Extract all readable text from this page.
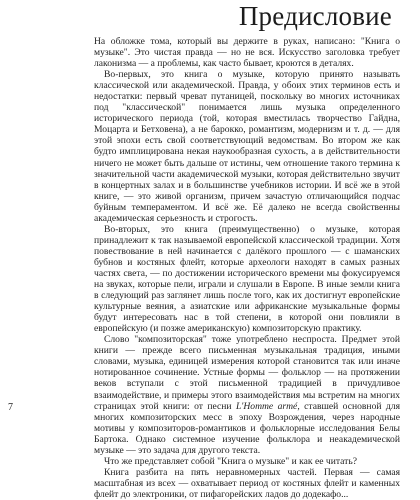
Предисловие

На обложке тома, который вы держите в руках, написано: "Книга о музыке". Это чистая правда — но не вся. Искусство заголовка требует лаконизма — а проблемы, как часто бывает, кроются в деталях.

Во-первых, это книга о музыке, которую принято называть классической или академической. Правда, у обоих этих терминов есть и недостатки: первый чреват путаницей, поскольку во многих источниках под "классической" понимается лишь музыка определенного исторического периода (той, которая вместилась творчество Гайдна, Моцарта и Бетховена), а не барокко, романтизм, модернизм и т. д. — для этой эпохи есть свой соответствующий ведомствам. Во втором же как будто имплицирована некая наукообразная сухость, а в действительности ничего не может быть дальше от истины, чем отношение такого термина к значительной части академической музыки, которая действительно звучит в концертных залах и в большинстве учебников истории. И всё же в этой книге, — это живой организм, причем зачастую отличающийся подчас буйным темпераментом. И всё же. Её далеко не всегда свойственны академическая серьезность и строгость.

Во-вторых, это книга (преимущественно) о музыке, которая принадлежит к так называемой европейской классической традиции. Хотя повествование в ней начинается с далёкого прошлого — с шаманских бубнов и костяных флейт, которые археологи находят в самых разных частях света, — по достижении исторического времени мы фокусируемся на звуках, которые пели, играли и слушали в Европе. В иные земли книга в следующий раз заглянет лишь после того, как их достигнут европейские культурные веяния, а азиатские или африканские музыкальные формы будут интересовать нас в той степени, в которой они повлияли в европейскую (и позже американскую) композиторскую практику.

Слово "композиторская" тоже употреблено неспроста. Предмет этой книги — прежде всего письменная музыкальная традиция, иными словами, музыка, единицей измерения которой становится так или иначе нотированное сочинение. Устные формы — фольклор — на протяжении веков вступали с этой письменной традицией в причудливое взаимодействие, и примеры этого взаимодействия мы встретим на многих страницах этой книги: от песни L'Homme armé, ставшей основной для многих композиторских месс в эпоху Возрождения, через народные мотивы у композиторов-романтиков и фольклорные исследования Белы Бартока. Однако системное изучение фольклора и неакадемической музыке — это задача для другого текста.

Что же представляет собой "Книга о музыке" и как ее читать?

Книга разбита на пять неравномерных частей. Первая — самая масштабная из всех — охватывает период от костяных флейт и каменных флейт до электроники, от пифагорейских ладов до додекафо...

7
